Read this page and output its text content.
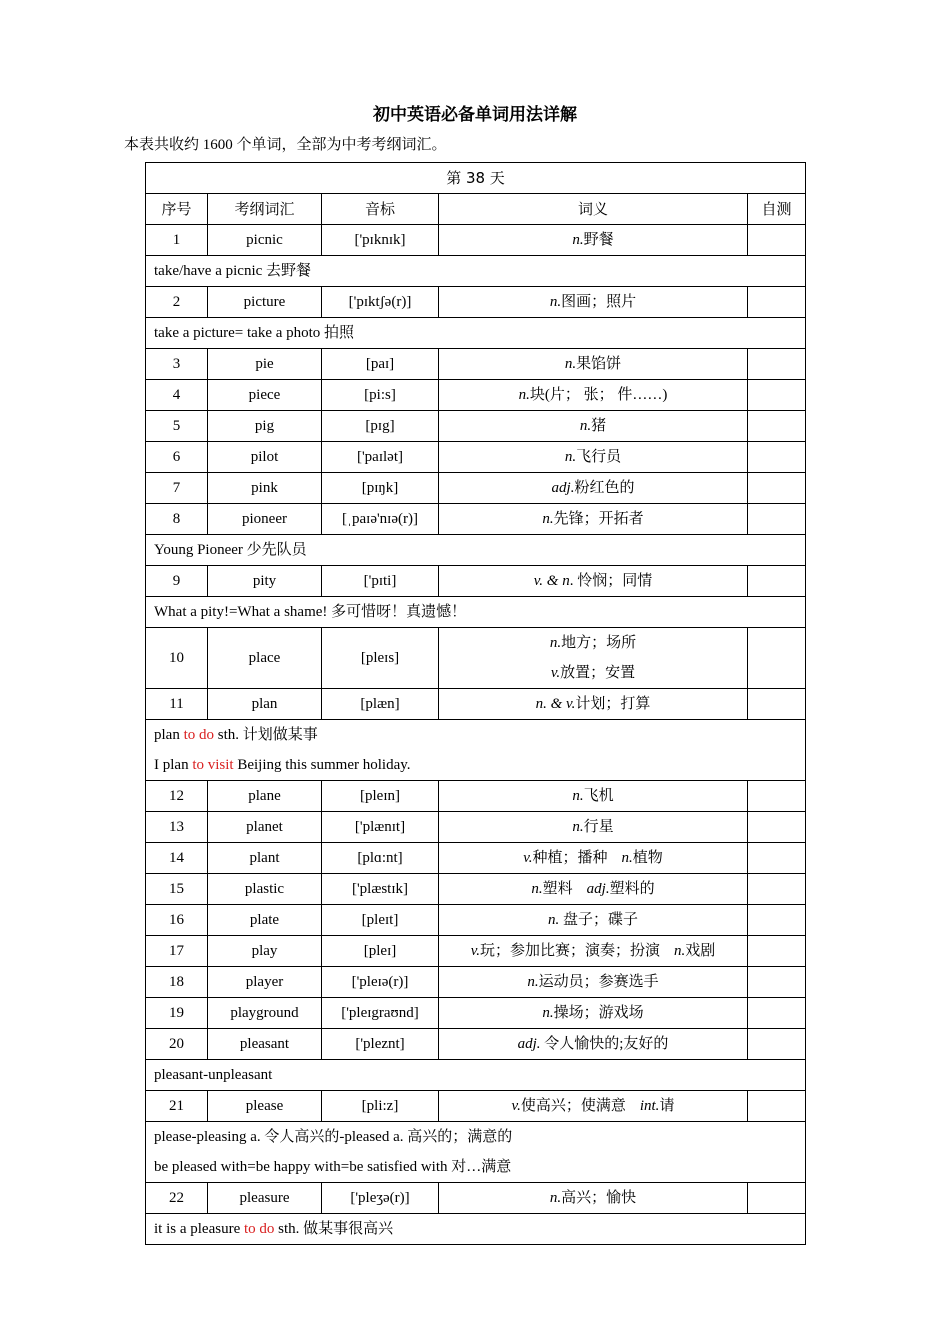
初中英语必备单词用法详解
本表共收约 1600 个单词，全部为中考考纲词汇。
第 38 天				
序号	考纲词汇	音标	词义	自测
1	picnic	['pɪknɪk]	n.野餐	
take/have a picnic 去野餐				
2	picture	['pɪktʃə(r)]	n.图画；照片	
take a picture= take a photo 拍照				
3	pie	[paɪ]	n.果馅饼	
4	piece	[pi:s]	n.块(片； 张； 件……)	
5	pig	[pɪg]	n.猪	
6	pilot	['paɪlət]	n.飞行员	
7	pink	[pɪŋk]	adj.粉红色的	
8	pioneer	[ˌpaɪə'nɪə(r)]	n.先锋；开拓者	
Young Pioneer 少先队员				
9	pity	['pɪti]	v. & n. 怜悯；同情	
What a pity!=What a shame! 多可惜呀！真遗憾！				
10	place	[pleɪs]	n.地方；场所
v.放置；安置	

11	plan	[plæn]	n. & v.计划；打算	

plan to do sth. 计划做某事
I plan to visit Beijing this summer holiday.				

12	plane	[pleɪn]	n.飞机	
13	planet	['plænɪt]	n.行星	
14	plant	[plɑ:nt]	v.种植；播种 n.植物	
15	plastic	['plæstɪk]	n.塑料 adj.塑料的	
16	plate	[pleɪt]	n. 盘子；碟子	
17	play	[pleɪ]	v.玩；参加比赛；演奏；扮演 n.戏剧	
18	player	['pleɪə(r)]	n.运动员；参赛选手	
19	playground	['pleɪgraʊnd]	n.操场；游戏场	
20	pleasant	['pleznt]	adj. 令人愉快的;友好的	
pleasant-unpleasant				
21	please	[pli:z]	v.使高兴；使满意 int.请	

please-pleasing a. 令人高兴的-pleased a. 高兴的；满意的
be pleased with=be happy with=be satisfied with 对…满意				

22	pleasure	['pleʒə(r)]	n.高兴；愉快	

it is a pleasure to do sth. 做某事很高兴				
